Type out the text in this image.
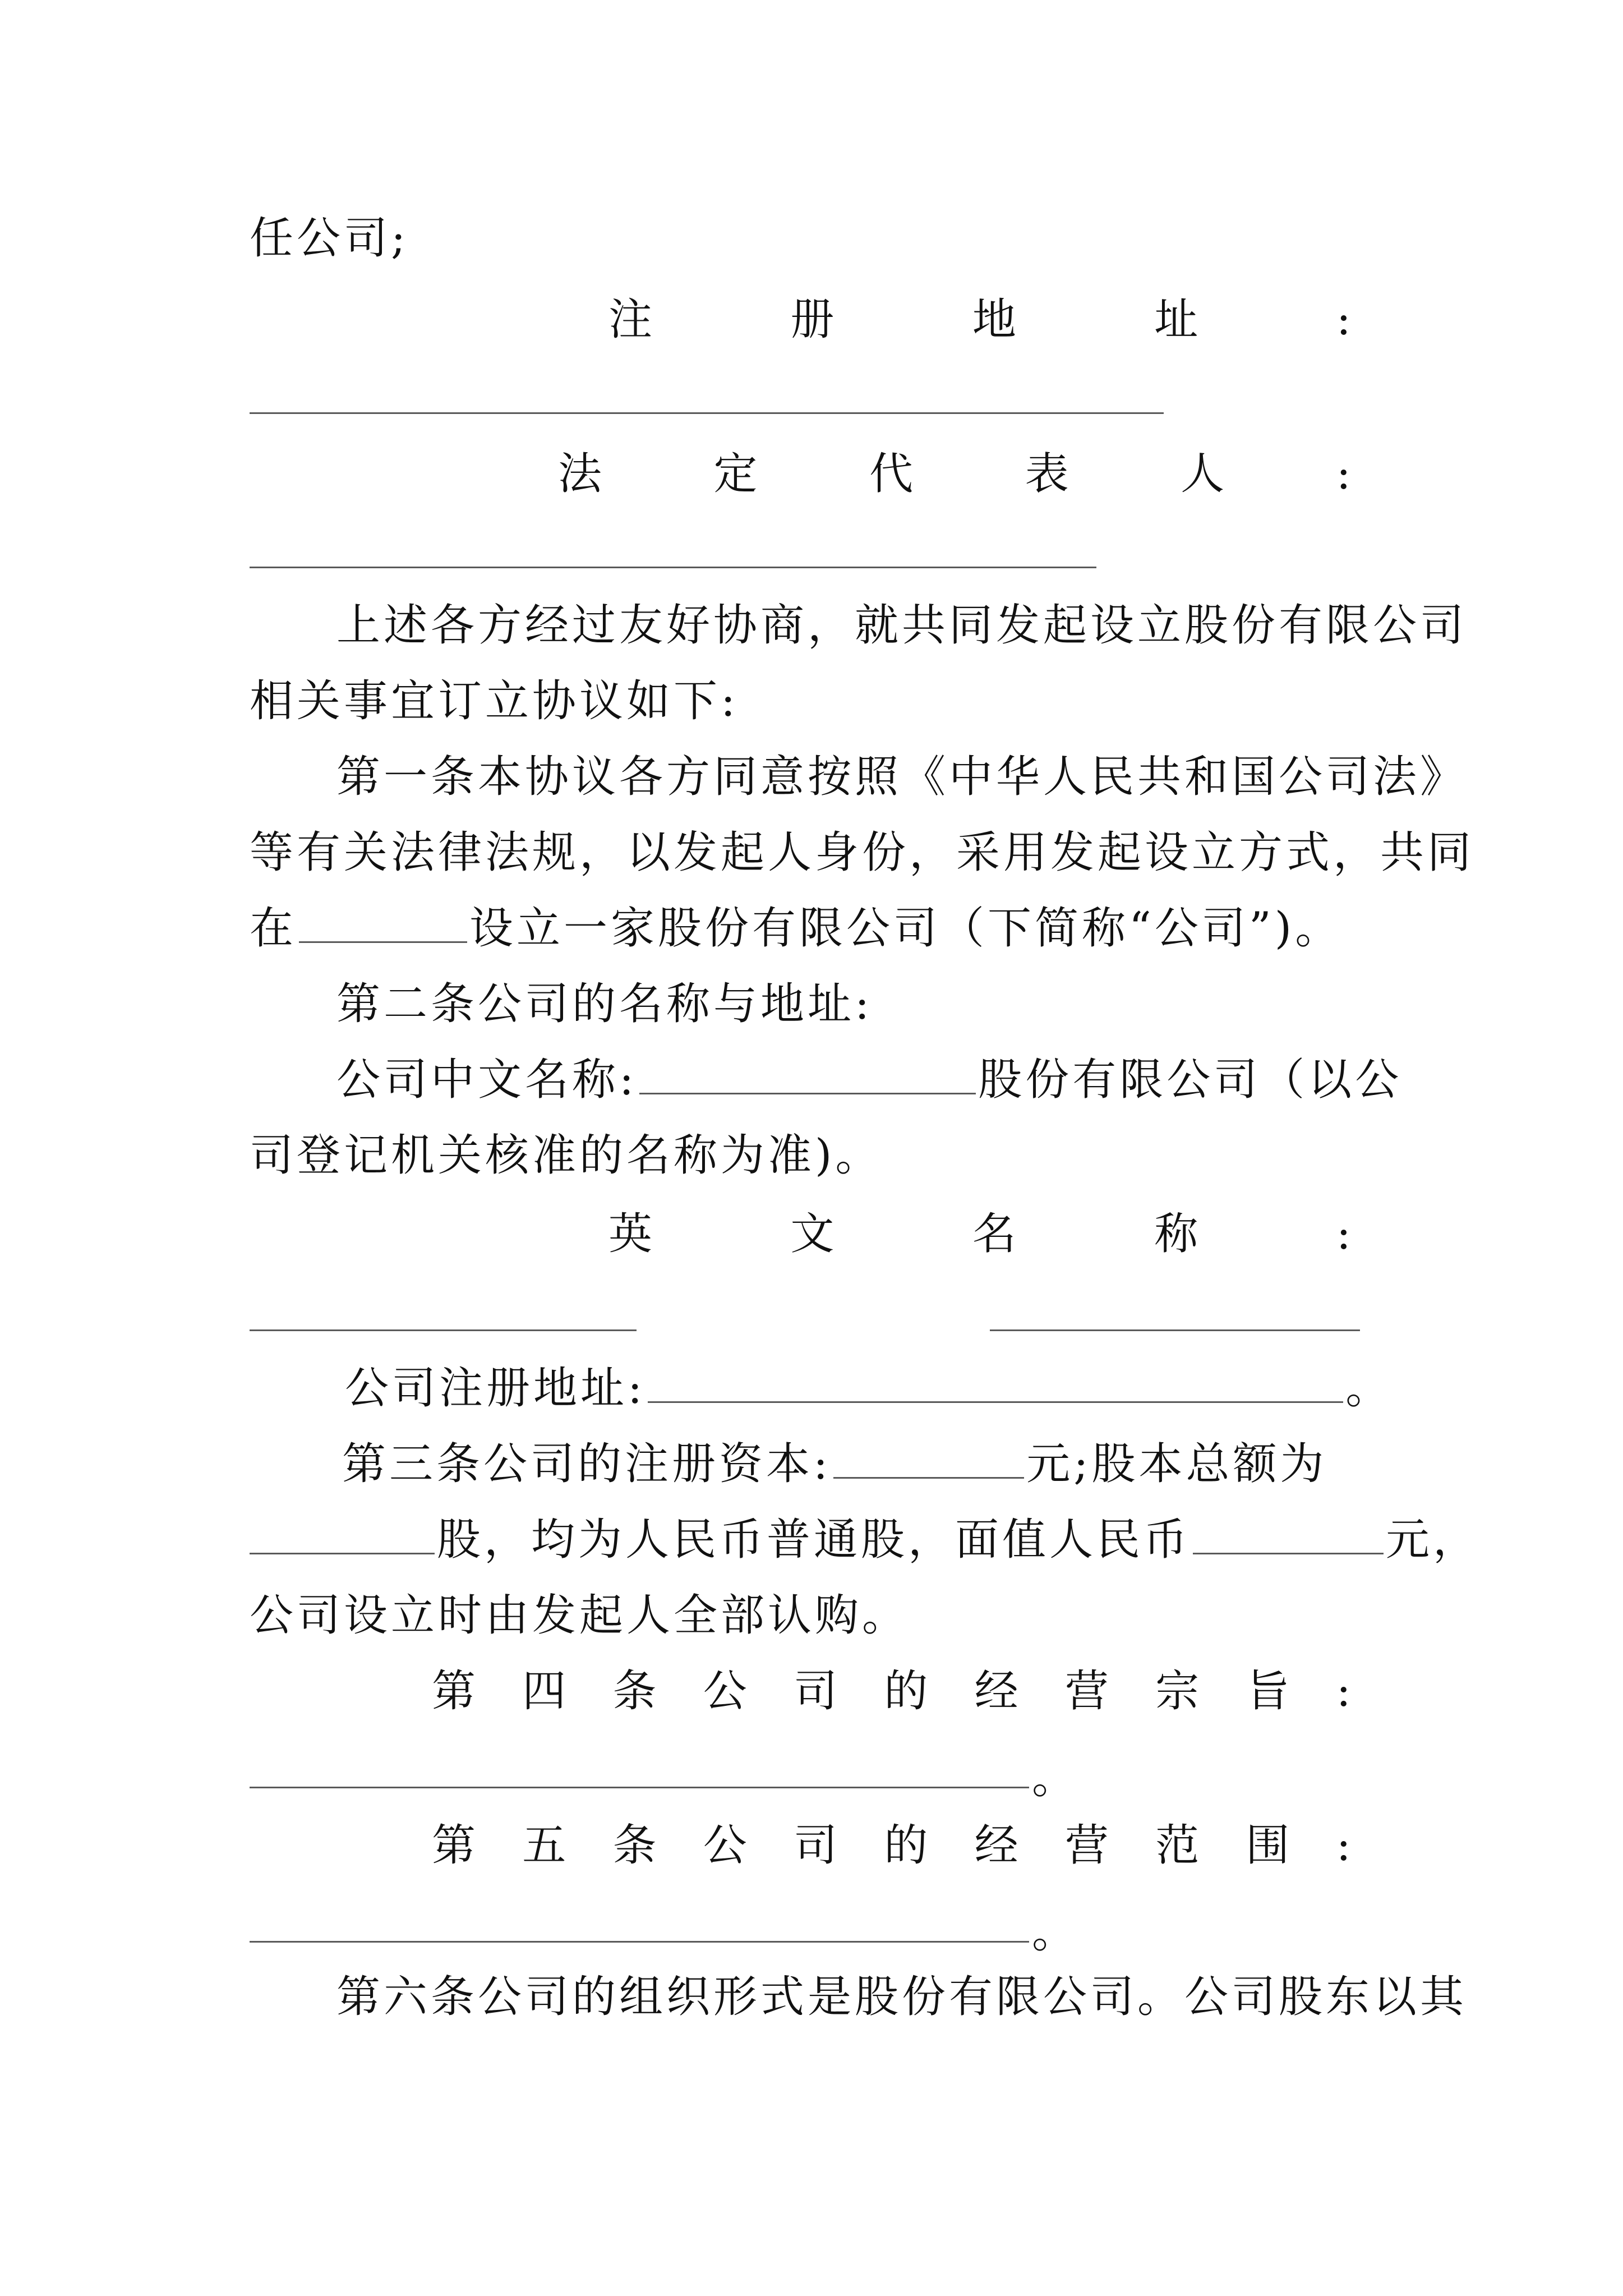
任公司;
注	册	地	址	:
法 定 代 表 人 :
上述各方经过友好协商，就共同发起设立股份有限公司
相关事宜订立协议如下:
第一条本协议各方同意按照《中华人民共和国公司法》
等有关法律法规，以发起人身份，采用发起设立方式，共同
在	设立一家股份有限公司（下简称“公司”)。
第二条公司的名称与地址:
公司中文名称:	股份有限公司（以公
司登记机关核准的名称为准)。
英	文	名	称	:
公司注册地址:	。
第三条公司的注册资本:	元;股本总额为
股，均为人民币普通股，面值人民币	元，
公司设立时由发起人全部认购。
第 四 条 公 司 的 经 营 宗 旨 :
。
第 五 条 公 司 的 经 营 范 围 :
。
第六条公司的组织形式是股份有限公司。公司股东以其
